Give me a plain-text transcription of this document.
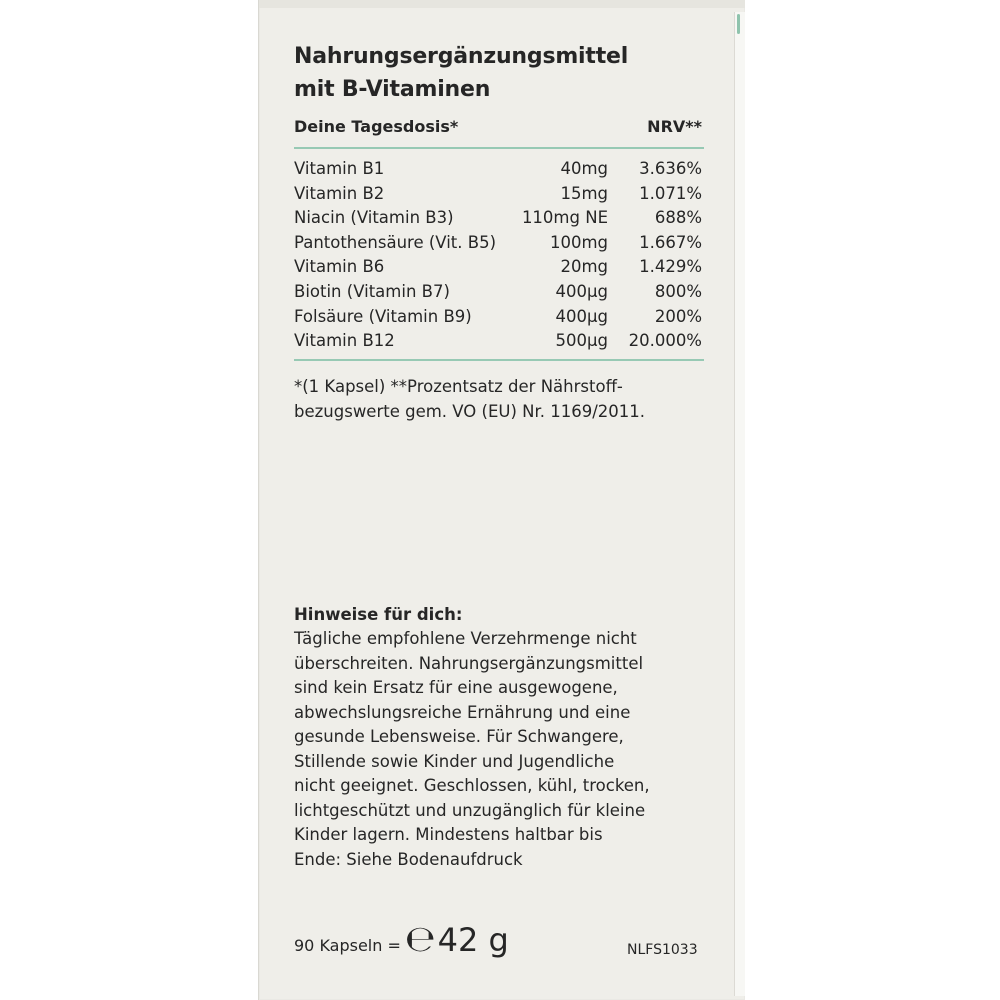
Nahrungsergänzungsmittel
mit B-Vitaminen
Deine Tagesdosis*	NRV**
Vitamin B1	40mg 3.636%
Vitamin B2	15mg 1.071%
Niacin (Vitamin B3)	110mg NE	688%
Pantothensäure (Vit. B5)	100mg 1.667%
Vitamin B6	20mg 1.429%
Biotin (Vitamin B7)	400µg	800%
Folsäure (Vitamin B9)	400µg	200%
Vitamin B12	500µg 20.000%
*(1 Kapsel) **Prozentsatz der Nährstoff-
bezugswerte gem. VO (EU) Nr. 1169/2011.
Hinweise für dich:
Tägliche empfohlene Verzehrmenge nicht
überschreiten. Nahrungsergänzungsmittel
sind kein Ersatz für eine ausgewogene,
abwechslungsreiche Ernährung und eine
gesunde Lebensweise. Für Schwangere,
Stillende sowie Kinder und Jugendliche
nicht geeignet. Geschlossen, kühl, trocken,
lichtgeschützt und unzugänglich für kleine
Kinder lagern. Mindestens haltbar bis
Ende: Siehe Bodenaufdruck
90 Kapseln = ℮ 42 g	NLFS1033
